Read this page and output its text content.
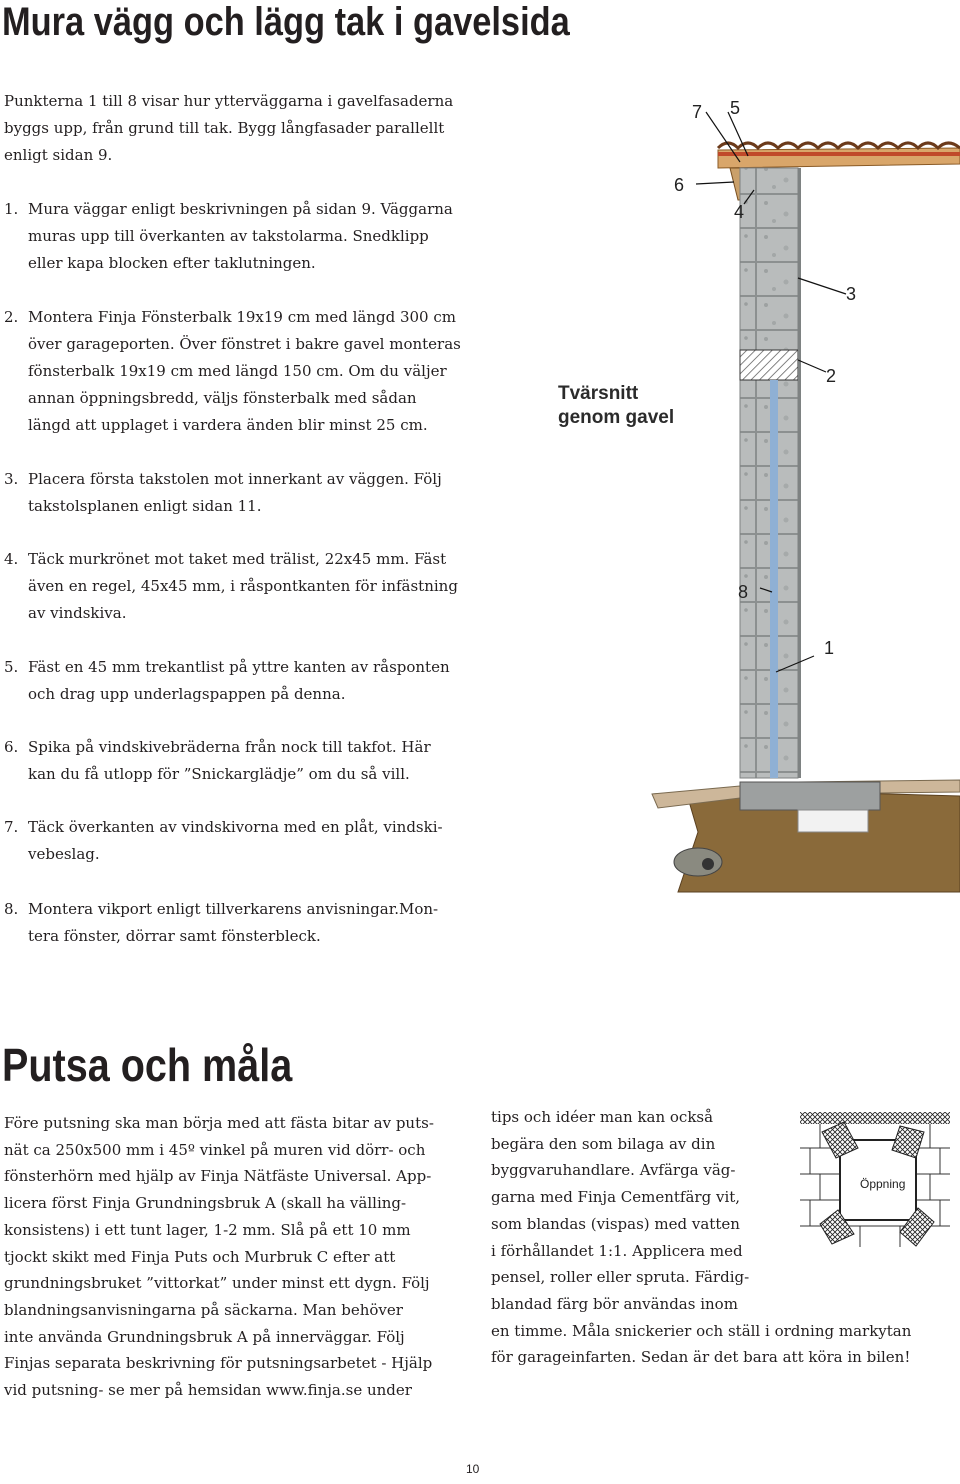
Mura vägg och lägg tak i gavelsida
Punkterna 1 till 8 visar hur ytterväggarna i gavelfasaderna
byggs upp, från grund till tak. Bygg långfasader parallellt
enligt sidan 9.
1. Mura väggar enligt beskrivningen på sidan 9. Väggarna
muras upp till överkanten av takstolarma. Snedklipp
eller kapa blocken efter taklutningen.
2. Montera Finja Fönsterbalk 19x19 cm med längd 300 cm
över garageporten. Över fönstret i bakre gavel monteras
fönsterbalk 19x19 cm med längd 150 cm. Om du väljer
annan öppningsbredd, väljs fönsterbalk med sådan
längd att upplaget i vardera änden blir minst 25 cm.
3. Placera första takstolen mot innerkant av väggen. Följ
takstolsplanen enligt sidan 11.
4. Täck murkrönet mot taket med trälist, 22x45 mm. Fäst
även en regel, 45x45 mm, i råspontkanten för infästning
av vindskiva.
5. Fäst en 45 mm trekantlist på yttre kanten av råsponten
och drag upp underlagspappen på denna.
6. Spika på vindskivebräderna från nock till takfot. Här
kan du få utlopp för ”Snickarglädje” om du så vill.
7. Täck överkanten av vindskivorna med en plåt, vindski-
vebeslag.
8. Montera vikport enligt tillverkarens anvisningar.Mon-
tera fönster, dörrar samt fönsterbleck.
Tvärsnitt
genom gavel
7 5
6
4
3
2
8
1
Putsa och måla
Före putsning ska man börja med att fästa bitar av puts-
nät ca 250x500 mm i 45º vinkel på muren vid dörr- och
fönsterhörn med hjälp av Finja Nätfäste Universal. App-
licera först Finja Grundningsbruk A (skall ha välling-
konsistens) i ett tunt lager, 1-2 mm. Slå på ett 10 mm
tjockt skikt med Finja Puts och Murbruk C efter att
grundningsbruket ”vittorkat” under minst ett dygn. Följ
blandningsanvisningarna på säckarna. Man behöver
inte använda Grundningsbruk A på innerväggar. Följ
Finjas separata beskrivning för putsningsarbetet - Hjälp
vid putsning- se mer på hemsidan www.finja.se under
tips och idéer man kan också
begära den som bilaga av din
byggvaruhandlare. Avfärga väg-
garna med Finja Cementfärg vit,
som blandas (vispas) med vatten
i förhållandet 1:1. Applicera med
pensel, roller eller spruta. Färdig-
blandad färg bör användas inom
en timme. Måla snickerier och ställ i ordning markytan
för garageinfarten. Sedan är det bara att köra in bilen!
Öppning
10
